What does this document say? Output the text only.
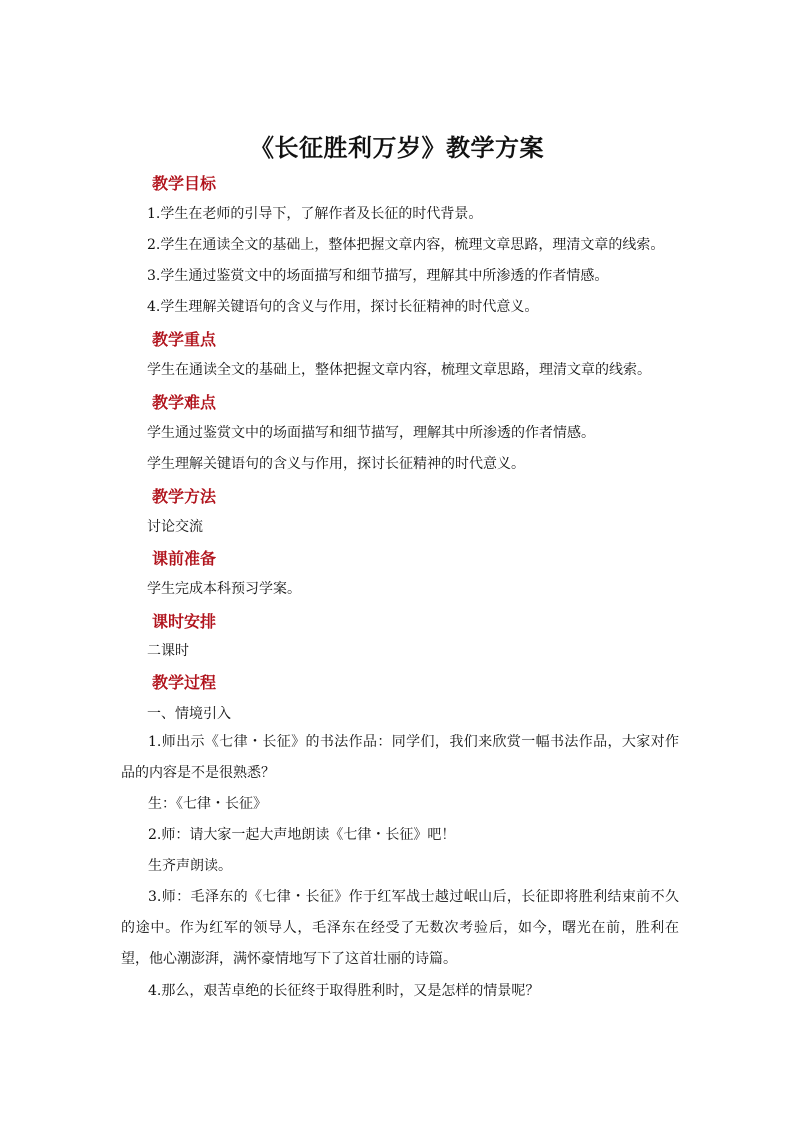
《长征胜利万岁》教学方案
教学目标
1.学生在老师的引导下，了解作者及长征的时代背景。
2.学生在通读全文的基础上，整体把握文章内容，梳理文章思路，理清文章的线索。
3.学生通过鉴赏文中的场面描写和细节描写，理解其中所渗透的作者情感。
4.学生理解关键语句的含义与作用，探讨长征精神的时代意义。
教学重点
学生在通读全文的基础上，整体把握文章内容，梳理文章思路，理清文章的线索。
教学难点
学生通过鉴赏文中的场面描写和细节描写，理解其中所渗透的作者情感。
学生理解关键语句的含义与作用，探讨长征精神的时代意义。
教学方法
讨论交流
课前准备
学生完成本科预习学案。
课时安排
二课时
教学过程
一、情境引入
1.师出示《七律・长征》的书法作品：同学们，我们来欣赏一幅书法作品，大家对作品的内容是不是很熟悉？
生：《七律・长征》
2.师：请大家一起大声地朗读《七律・长征》吧！
生齐声朗读。
3.师：毛泽东的《七律・长征》作于红军战士越过岷山后，长征即将胜利结束前不久的途中。作为红军的领导人，毛泽东在经受了无数次考验后，如今，曙光在前，胜利在望，他心潮澎湃，满怀豪情地写下了这首壮丽的诗篇。
4.那么，艰苦卓绝的长征终于取得胜利时，又是怎样的情景呢？
